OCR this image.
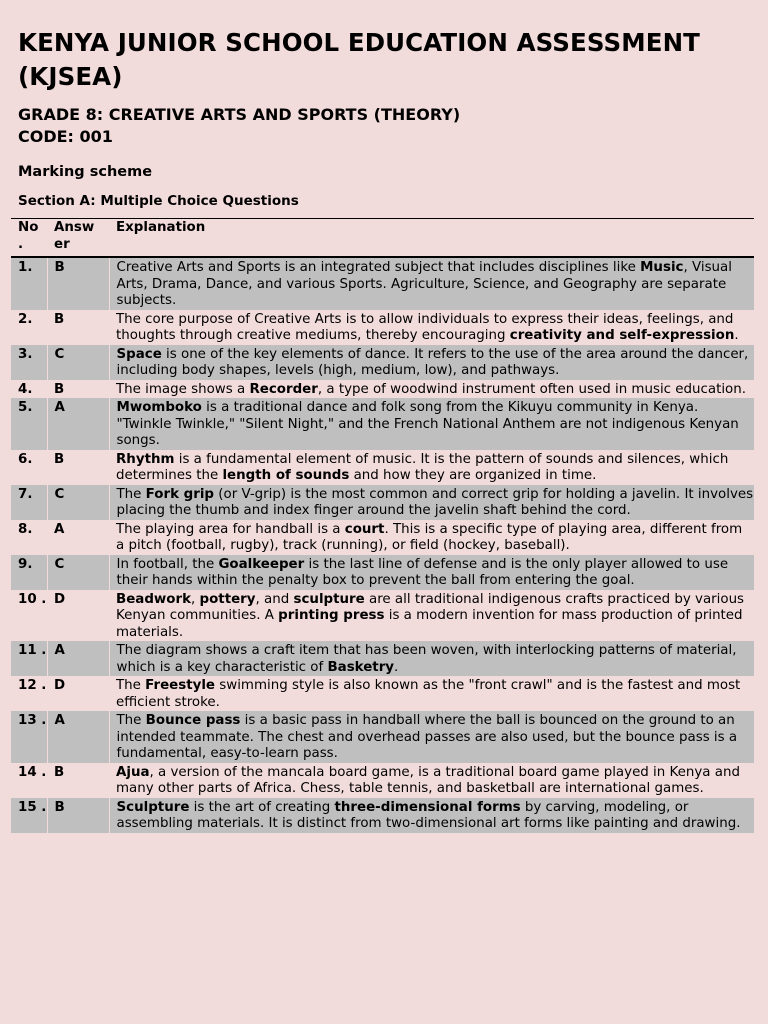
KENYA JUNIOR SCHOOL EDUCATION ASSESSMENT (KJSEA)

GRADE 8: CREATIVE ARTS AND SPORTS (THEORY)

CODE: 001

Marking scheme

Section A: Multiple Choice Questions

No .	Answ er	Explanation
1.	B	Creative Arts and Sports is an integrated subject that includes disciplines like Music, Visual Arts, Drama, Dance, and various Sports. Agriculture, Science, and Geography are separate subjects.
2.	B	The core purpose of Creative Arts is to allow individuals to express their ideas, feelings, and thoughts through creative mediums, thereby encouraging creativity and self-expression.
3.	C	Space is one of the key elements of dance. It refers to the use of the area around the dancer, including body shapes, levels (high, medium, low), and pathways.
4.	B	The image shows a Recorder, a type of woodwind instrument often used in music education.
5.	A	Mwomboko is a traditional dance and folk song from the Kikuyu community in Kenya. "Twinkle Twinkle," "Silent Night," and the French National Anthem are not indigenous Kenyan songs.
6.	B	Rhythm is a fundamental element of music. It is the pattern of sounds and silences, which determines the length of sounds and how they are organized in time.
7.	C	The Fork grip (or V-grip) is the most common and correct grip for holding a javelin. It involves placing the thumb and index finger around the javelin shaft behind the cord.
8.	A	The playing area for handball is a court. This is a specific type of playing area, different from a pitch (football, rugby), track (running), or field (hockey, baseball).
9.	C	In football, the Goalkeeper is the last line of defense and is the only player allowed to use their hands within the penalty box to prevent the ball from entering the goal.
10 .	D	Beadwork, pottery, and sculpture are all traditional indigenous crafts practiced by various Kenyan communities. A printing press is a modern invention for mass production of printed materials.
11 .	A	The diagram shows a craft item that has been woven, with interlocking patterns of material, which is a key characteristic of Basketry.
12 .	D	The Freestyle swimming style is also known as the "front crawl" and is the fastest and most efficient stroke.
13 .	A	The Bounce pass is a basic pass in handball where the ball is bounced on the ground to an intended teammate. The chest and overhead passes are also used, but the bounce pass is a fundamental, easy-to-learn pass.
14 .	B	Ajua, a version of the mancala board game, is a traditional board game played in Kenya and many other parts of Africa. Chess, table tennis, and basketball are international games.
15 .	B	Sculpture is the art of creating three-dimensional forms by carving, modeling, or assembling materials. It is distinct from two-dimensional art forms like painting and drawing.
